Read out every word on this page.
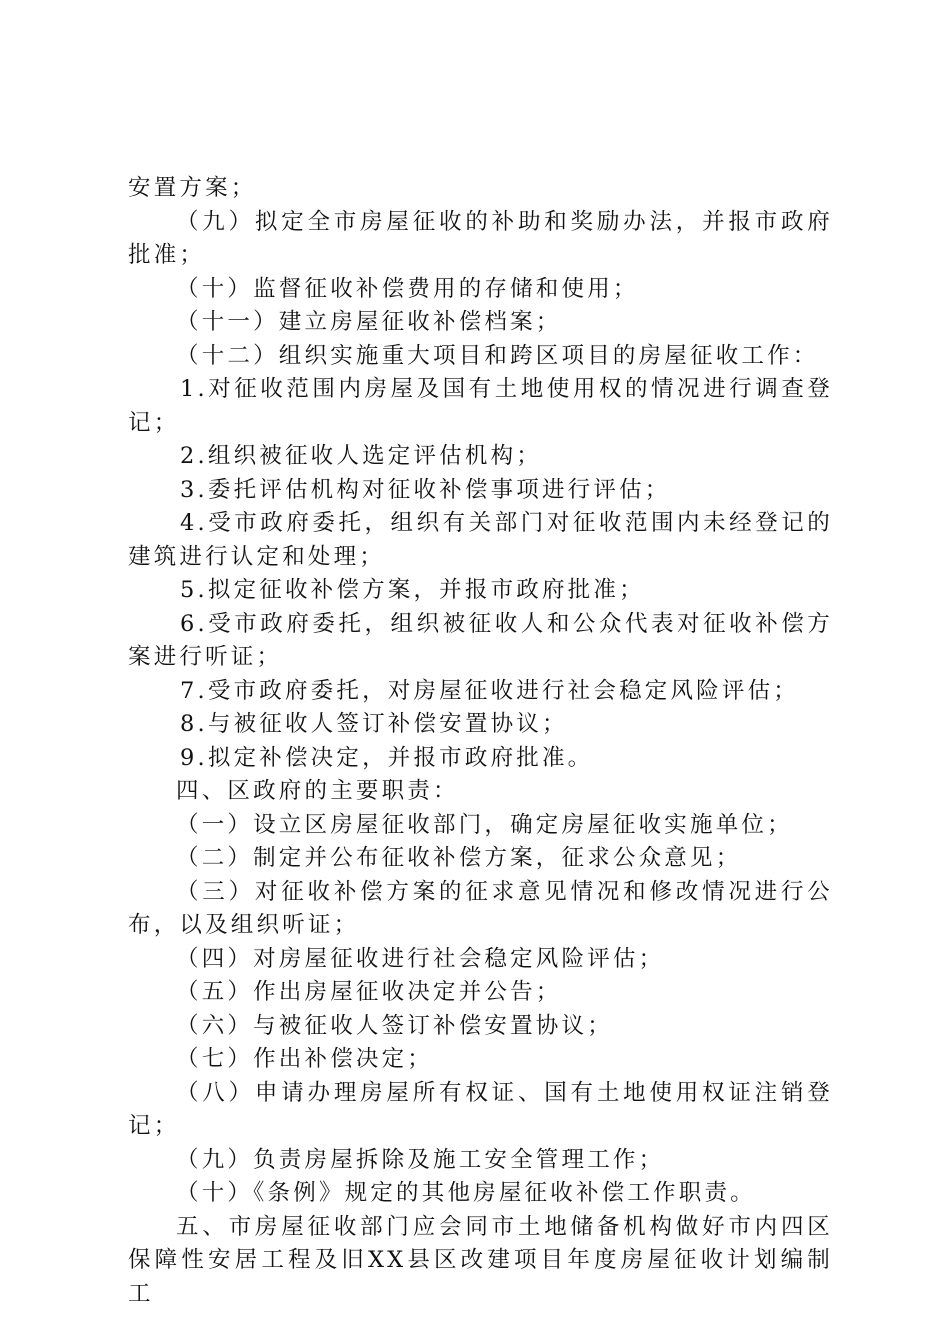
安置方案；

（九）拟定全市房屋征收的补助和奖励办法，并报市政府批准；

（十）监督征收补偿费用的存储和使用；

（十一）建立房屋征收补偿档案；

（十二）组织实施重大项目和跨区项目的房屋征收工作：

1.对征收范围内房屋及国有土地使用权的情况进行调查登记；

2.组织被征收人选定评估机构；

3.委托评估机构对征收补偿事项进行评估；

4.受市政府委托，组织有关部门对征收范围内未经登记的建筑进行认定和处理；

5.拟定征收补偿方案，并报市政府批准；

6.受市政府委托，组织被征收人和公众代表对征收补偿方案进行听证；

7.受市政府委托，对房屋征收进行社会稳定风险评估；

8.与被征收人签订补偿安置协议；

9.拟定补偿决定，并报市政府批准。

四、区政府的主要职责：

（一）设立区房屋征收部门，确定房屋征收实施单位；

（二）制定并公布征收补偿方案，征求公众意见；

（三）对征收补偿方案的征求意见情况和修改情况进行公布，以及组织听证；

（四）对房屋征收进行社会稳定风险评估；

（五）作出房屋征收决定并公告；

（六）与被征收人签订补偿安置协议；

（七）作出补偿决定；

（八）申请办理房屋所有权证、国有土地使用权证注销登记；

（九）负责房屋拆除及施工安全管理工作；

（十）《条例》规定的其他房屋征收补偿工作职责。

五、市房屋征收部门应会同市土地储备机构做好市内四区保障性安居工程及旧XX县区改建项目年度房屋征收计划编制工
